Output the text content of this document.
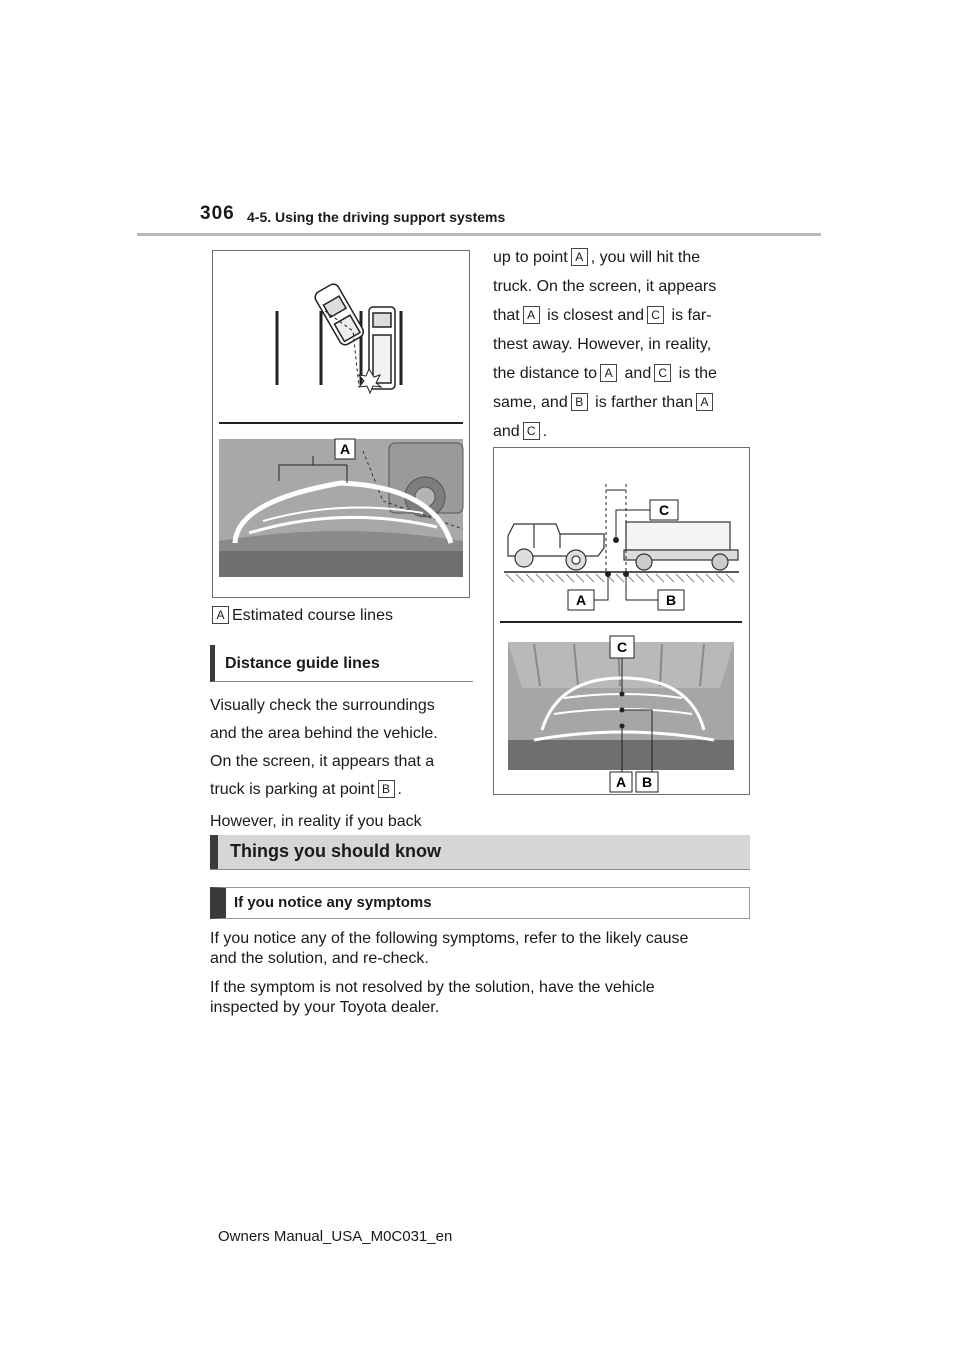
306 4-5. Using the driving support systems
A
A Estimated course lines
Distance guide lines

Visually check the surroundings

and the area behind the vehicle.

On the screen, it appears that a

truck is parking at point B .

However, in reality if you back

up to point A , you will hit the

truck. On the screen, it appears

that A is closest and C is far-

thest away. However, in reality,

the distance to A and C is the

same, and B is farther than A

and C .

C
A	B
C
A B
Things you should know
If you notice any symptoms
If you notice any of the following symptoms, refer to the likely cause
and the solution, and re-check.
If the symptom is not resolved by the solution, have the vehicle
inspected by your Toyota dealer.
Owners Manual_USA_M0C031_en
